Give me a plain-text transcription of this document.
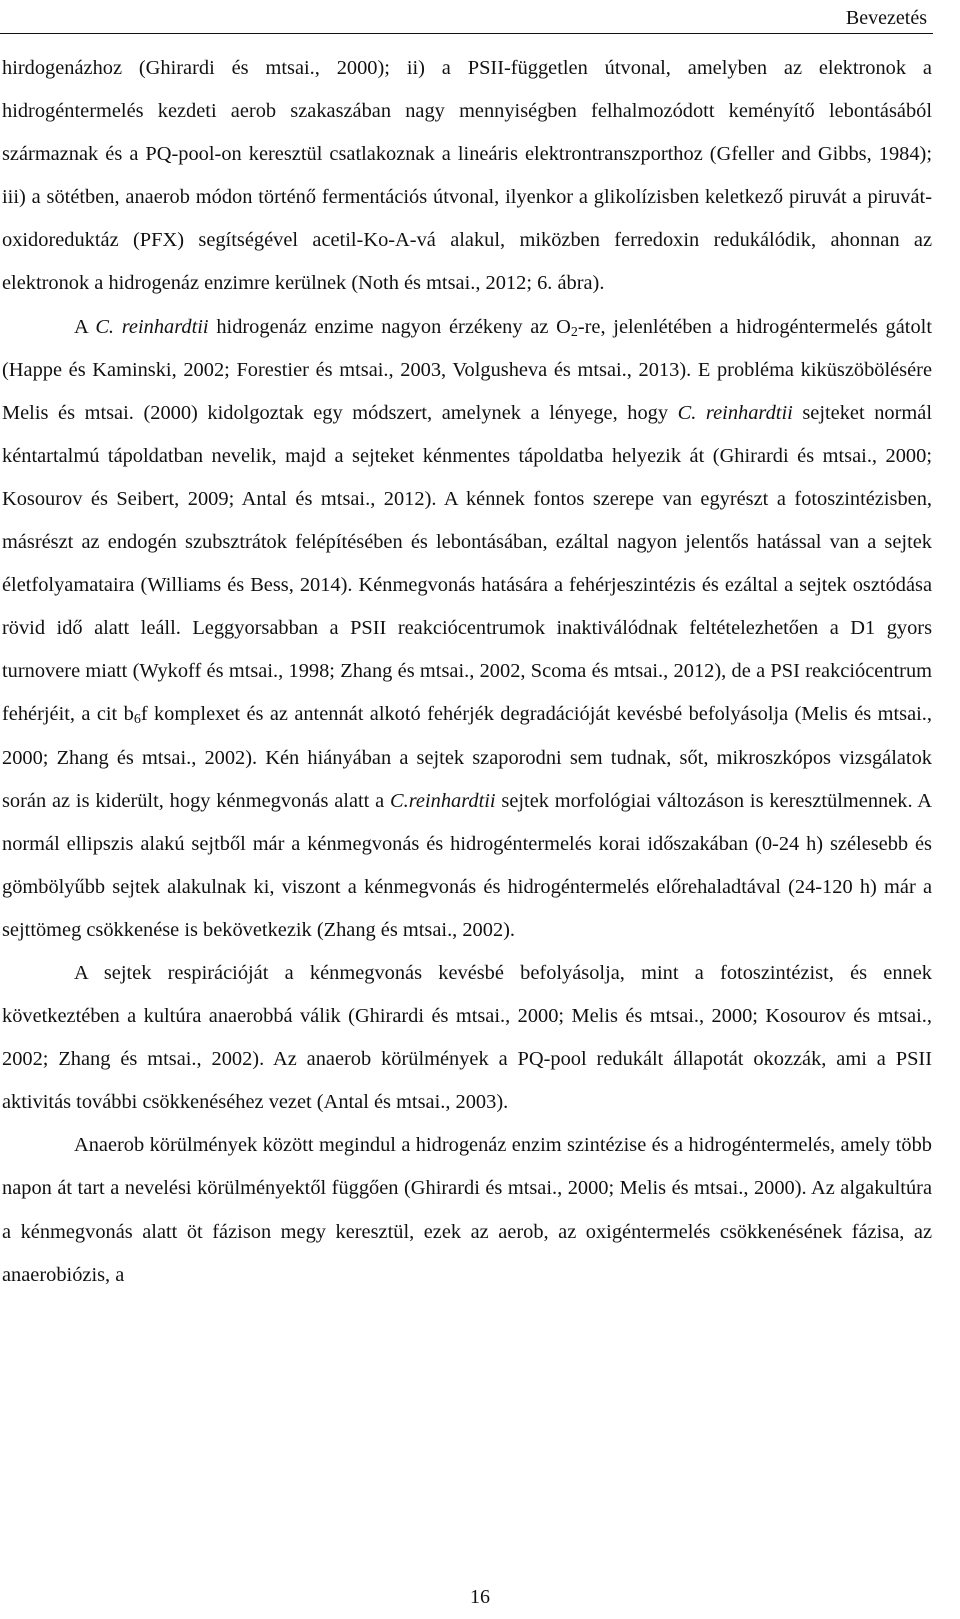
Bevezetés

hirdogenázhoz (Ghirardi és mtsai., 2000); ii) a PSII-független útvonal, amelyben az elektronok a hidrogéntermelés kezdeti aerob szakaszában nagy mennyiségben felhalmozódott keményítő lebontásából származnak és a PQ-pool-on keresztül csatlakoznak a lineáris elektrontranszporthoz (Gfeller and Gibbs, 1984); iii) a sötétben, anaerob módon történő fermentációs útvonal, ilyenkor a glikolízisben keletkező piruvát a piruvát-oxidoreduktáz (PFX) segítségével acetil-Ko-A-vá alakul, miközben ferredoxin redukálódik, ahonnan az elektronok a hidrogenáz enzimre kerülnek (Noth és mtsai., 2012; 6. ábra).

A C. reinhardtii hidrogenáz enzime nagyon érzékeny az $O_2-re$, jelenlétében a hidrogéntermelés gátolt (Happe és Kaminski, 2002; Forestier és mtsai., 2003, Volgusheva és mtsai., 2013). E probléma kiküszöbölésére Melis és mtsai. (2000) kidolgoztak egy módszert, amelynek a lényege, hogy C. reinhardtii sejteket normál kéntartalmú tápoldatban nevelik, majd a sejteket kénmentes tápoldatba helyezik át (Ghirardi és mtsai., 2000; Kosourov és Seibert, 2009; Antal és mtsai., 2012). A kénnek fontos szerepe van egyrészt a fotoszintézisben, másrészt az endogén szubsztrátok felépítésében és lebontásában, ezáltal nagyon jelentős hatással van a sejtek életfolyamataira (Williams és Bess, 2014). Kénmegvonás hatására a fehérjeszintézis és ezáltal a sejtek osztódása rövid idő alatt leáll. Leggyorsabban a PSII reakciócentrumok inaktiválódnak feltételezhetően a D1 gyors turnovere miatt (Wykoff és mtsai., 1998; Zhang és mtsai., 2002, Scoma és mtsai., 2012), de a PSI reakciócentrum fehérjéit, a cit $b_6f$ komplexet és az antennát alkotó fehérjék degradációját kevésbé befolyásolja (Melis és mtsai., 2000; Zhang és mtsai., 2002). Kén hiányában a sejtek szaporodni sem tudnak, sőt, mikroszkópos vizsgálatok során az is kiderült, hogy kénmegvonás alatt a C.reinhardtii sejtek morfológiai változáson is keresztülmennek. A normál ellipszis alakú sejtből már a kénmegvonás és hidrogéntermelés korai időszakában (0-24 h) szélesebb és gömbölyűbb sejtek alakulnak ki, viszont a kénmegvonás és hidrogéntermelés előrehaladtával (24-120 h) már a sejttömeg csökkenése is bekövetkezik (Zhang és mtsai., 2002).

A sejtek respirációját a kénmegvonás kevésbé befolyásolja, mint a fotoszintézist, és ennek következtében a kultúra anaerobbá válik (Ghirardi és mtsai., 2000; Melis és mtsai., 2000; Kosourov és mtsai., 2002; Zhang és mtsai., 2002). Az anaerob körülmények a PQ-pool redukált állapotát okozzák, ami a PSII aktivitás további csökkenéséhez vezet (Antal és mtsai., 2003).

Anaerob körülmények között megindul a hidrogenáz enzim szintézise és a hidrogéntermelés, amely több napon át tart a nevelési körülményektől függően (Ghirardi és mtsai., 2000; Melis és mtsai., 2000). Az algakultúra a kénmegvonás alatt öt fázison megy keresztül, ezek az aerob, az oxigéntermelés csökkenésének fázisa, az anaerobiózis, a

16
